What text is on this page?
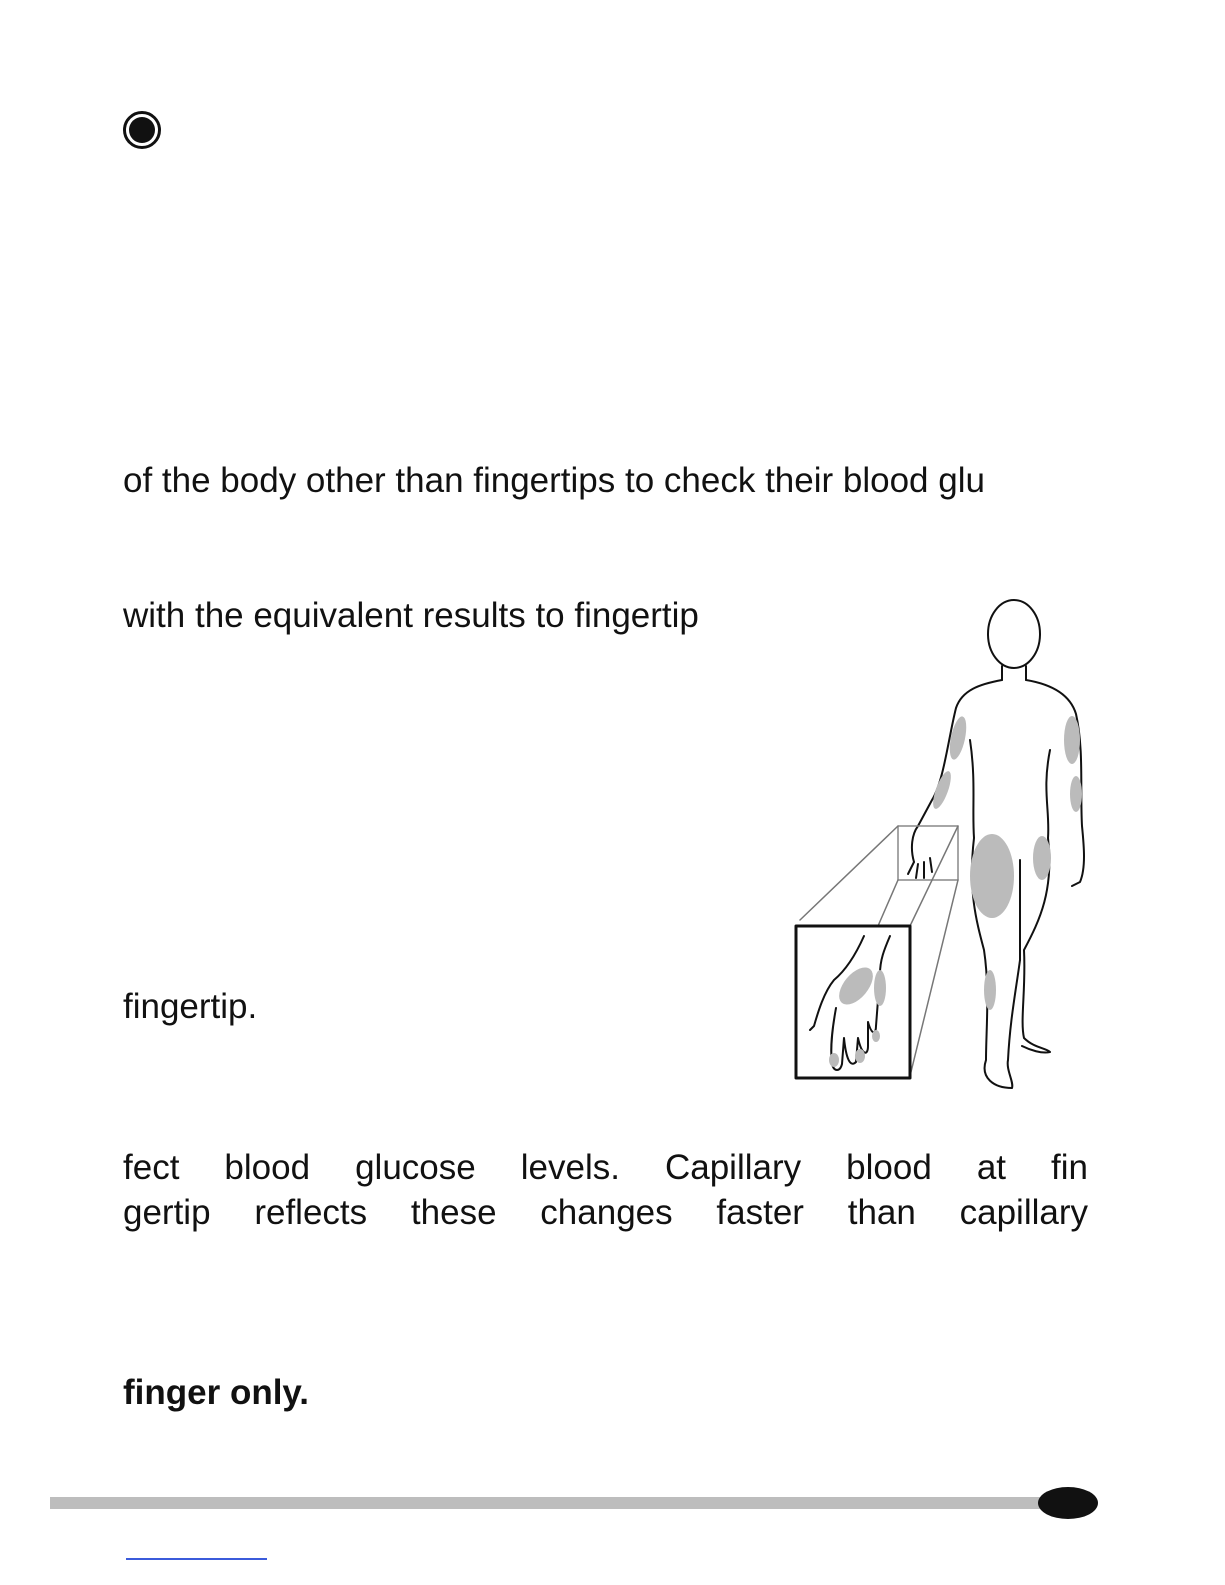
of the body other than fingertips to check their blood glu
with the equivalent results to fingertip
fingertip.
fect blood glucose levels. Capillary blood at fin
gertip reflects these changes faster than capillary
finger only.
